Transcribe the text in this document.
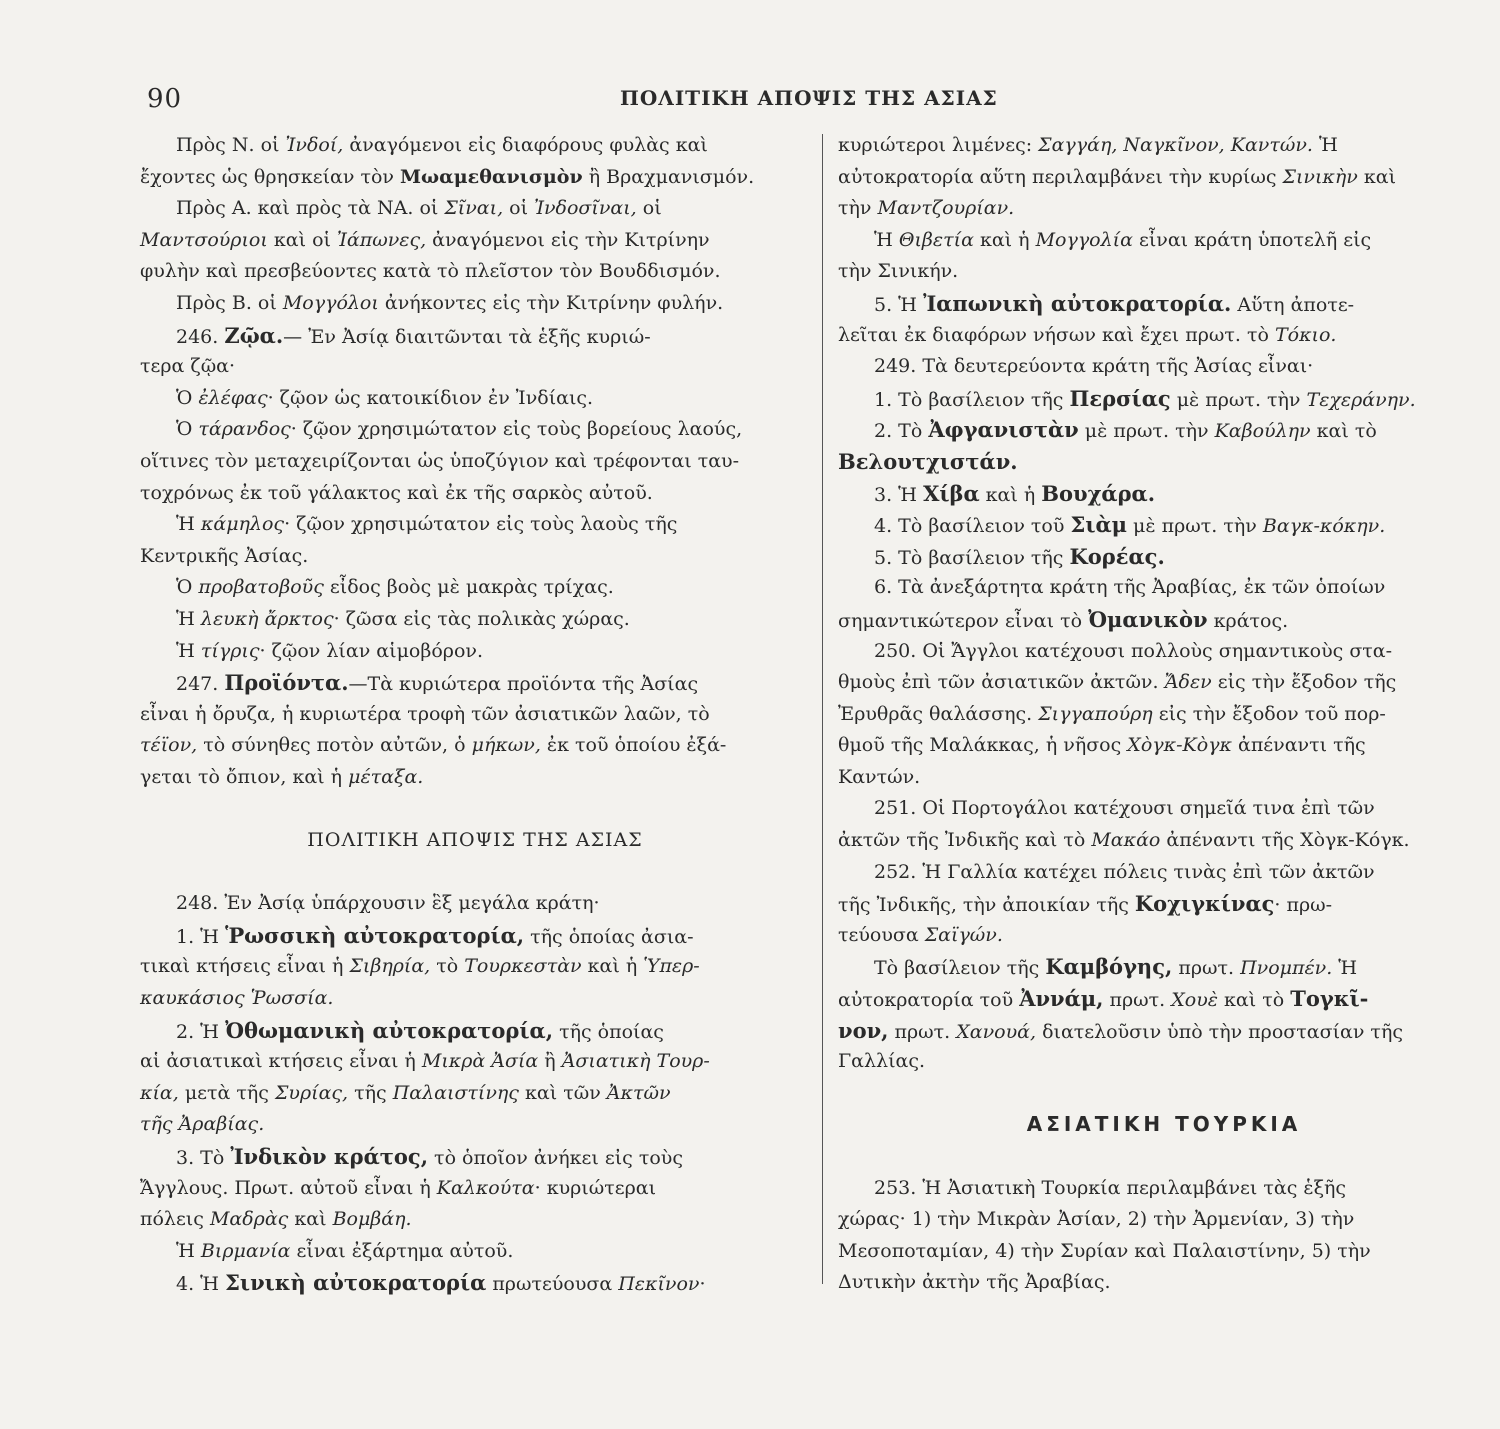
90	ΠΟΛΙΤΙΚΗ ΑΠΟΨΙΣ ΤΗΣ ΑΣΙΑΣ
Πρὸς Ν. οἱ Ἰνδοί, ἀναγόμενοι εἰς διαφόρους φυλὰς καὶ
ἔχοντες ὡς θρησκείαν τὸν Μωαμεθανισμὸν ἢ Βραχμανισμόν.
Πρὸς Α. καὶ πρὸς τὰ ΝΑ. οἱ Σῖναι, οἱ Ἰνδοσῖναι, οἱ
Μαντσούριοι καὶ οἱ Ἰάπωνες, ἀναγόμενοι εἰς τὴν Κιτρίνην
φυλὴν καὶ πρεσβεύοντες κατὰ τὸ πλεῖστον τὸν Βουδδισμόν.
Πρὸς Β. οἱ Μογγόλοι ἀνήκοντες εἰς τὴν Κιτρίνην φυλήν.
246. Ζῷα.— Ἐν Ἀσίᾳ διαιτῶνται τὰ ἑξῆς κυριώ-
τερα ζῷα·
Ὁ ἐλέφας· ζῷον ὡς κατοικίδιον ἐν Ἰνδίαις.
Ὁ τάρανδος· ζῷον χρησιμώτατον εἰς τοὺς βορείους λαούς,
οἵτινες τὸν μεταχειρίζονται ὡς ὑποζύγιον καὶ τρέφονται ταυ-
τοχρόνως ἐκ τοῦ γάλακτος καὶ ἐκ τῆς σαρκὸς αὐτοῦ.
Ἡ κάμηλος· ζῷον χρησιμώτατον εἰς τοὺς λαοὺς τῆς
Κεντρικῆς Ἀσίας.
Ὁ προβατοβοῦς εἶδος βοὸς μὲ μακρὰς τρίχας.
Ἡ λευκὴ ἄρκτος· ζῶσα εἰς τὰς πολικὰς χώρας.
Ἡ τίγρις· ζῷον λίαν αἱμοβόρον.
247. Προϊόντα.—Τὰ κυριώτερα προϊόντα τῆς Ἀσίας
εἶναι ἡ ὄρυζα, ἡ κυριωτέρα τροφὴ τῶν ἀσιατικῶν λαῶν, τὸ
τέϊον, τὸ σύνηθες ποτὸν αὐτῶν, ὁ μήκων, ἐκ τοῦ ὁποίου ἐξά-
γεται τὸ ὄπιον, καὶ ἡ μέταξα.
ΠΟΛΙΤΙΚΗ ΑΠΟΨΙΣ ΤΗΣ ΑΣΙΑΣ
248. Ἐν Ἀσίᾳ ὑπάρχουσιν ἓξ μεγάλα κράτη·
1. Ἡ Ῥωσσικὴ αὐτοκρατορία, τῆς ὁποίας ἀσια-
τικαὶ κτήσεις εἶναι ἡ Σιβηρία, τὸ Τουρκεστὰν καὶ ἡ Ὑπερ-
καυκάσιος Ῥωσσία.
2. Ἡ Ὀθωμανικὴ αὐτοκρατορία, τῆς ὁποίας
αἱ ἀσιατικαὶ κτήσεις εἶναι ἡ Μικρὰ Ἀσία ἢ Ἀσιατικὴ Τουρ-
κία, μετὰ τῆς Συρίας, τῆς Παλαιστίνης καὶ τῶν Ἀκτῶν
τῆς Ἀραβίας.
3. Τὸ Ἰνδικὸν κράτος, τὸ ὁποῖον ἀνήκει εἰς τοὺς
Ἄγγλους. Πρωτ. αὐτοῦ εἶναι ἡ Καλκούτα· κυριώτεραι
πόλεις Μαδρὰς καὶ Βομβάη.
Ἡ Βιρμανία εἶναι ἐξάρτημα αὐτοῦ.
4. Ἡ Σινικὴ αὐτοκρατορία πρωτεύουσα Πεκῖνον·
κυριώτεροι λιμένες: Σαγγάη, Ναγκῖνον, Καντών. Ἡ
αὐτοκρατορία αὕτη περιλαμβάνει τὴν κυρίως Σινικὴν καὶ
τὴν Μαντζουρίαν.
Ἡ Θιβετία καὶ ἡ Μογγολία εἶναι κράτη ὑποτελῆ εἰς
τὴν Σινικήν.
5. Ἡ Ἰαπωνικὴ αὐτοκρατορία. Αὕτη ἀποτε-
λεῖται ἐκ διαφόρων νήσων καὶ ἔχει πρωτ. τὸ Τόκιο.
249. Τὰ δευτερεύοντα κράτη τῆς Ἀσίας εἶναι·
1. Τὸ βασίλειον τῆς Περσίας μὲ πρωτ. τὴν Τεχεράνην.
2. Τὸ Ἀφγανιστὰν μὲ πρωτ. τὴν Καβούλην καὶ τὸ
Βελουτχιστάν.
3. Ἡ Χίβα καὶ ἡ Βουχάρα.
4. Τὸ βασίλειον τοῦ Σιὰμ μὲ πρωτ. τὴν Βαγκ-κόκην.
5. Τὸ βασίλειον τῆς Κορέας.
6. Τὰ ἀνεξάρτητα κράτη τῆς Ἀραβίας, ἐκ τῶν ὁποίων
σημαντικώτερον εἶναι τὸ Ὀμανικὸν κράτος.
250. Οἱ Ἄγγλοι κατέχουσι πολλοὺς σημαντικοὺς στα-
θμοὺς ἐπὶ τῶν ἀσιατικῶν ἀκτῶν. Ἄδεν εἰς τὴν ἔξοδον τῆς
Ἐρυθρᾶς θαλάσσης. Σιγγαπούρη εἰς τὴν ἔξοδον τοῦ πορ-
θμοῦ τῆς Μαλάκκας, ἡ νῆσος Χὸγκ-Κὸγκ ἀπέναντι τῆς
Καντών.
251. Οἱ Πορτογάλοι κατέχουσι σημεῖά τινα ἐπὶ τῶν
ἀκτῶν τῆς Ἰνδικῆς καὶ τὸ Μακάο ἀπέναντι τῆς Χὸγκ-Κόγκ.
252. Ἡ Γαλλία κατέχει πόλεις τινὰς ἐπὶ τῶν ἀκτῶν
τῆς Ἰνδικῆς, τὴν ἀποικίαν τῆς Κοχιγκίνας· πρω-
τεύουσα Σαϊγών.
Τὸ βασίλειον τῆς Καμβόγης, πρωτ. Πνομπέν. Ἡ
αὐτοκρατορία τοῦ Ἀννάμ, πρωτ. Χουὲ καὶ τὸ Τογκῖ-
νον, πρωτ. Χανουά, διατελοῦσιν ὑπὸ τὴν προστασίαν τῆς
Γαλλίας.
ΑΣΙΑΤΙΚΗ ΤΟΥΡΚΙΑ
253. Ἡ Ἀσιατικὴ Τουρκία περιλαμβάνει τὰς ἑξῆς
χώρας· 1) τὴν Μικρὰν Ἀσίαν, 2) τὴν Ἀρμενίαν, 3) τὴν
Μεσοποταμίαν, 4) τὴν Συρίαν καὶ Παλαιστίνην, 5) τὴν
Δυτικὴν ἀκτὴν τῆς Ἀραβίας.
